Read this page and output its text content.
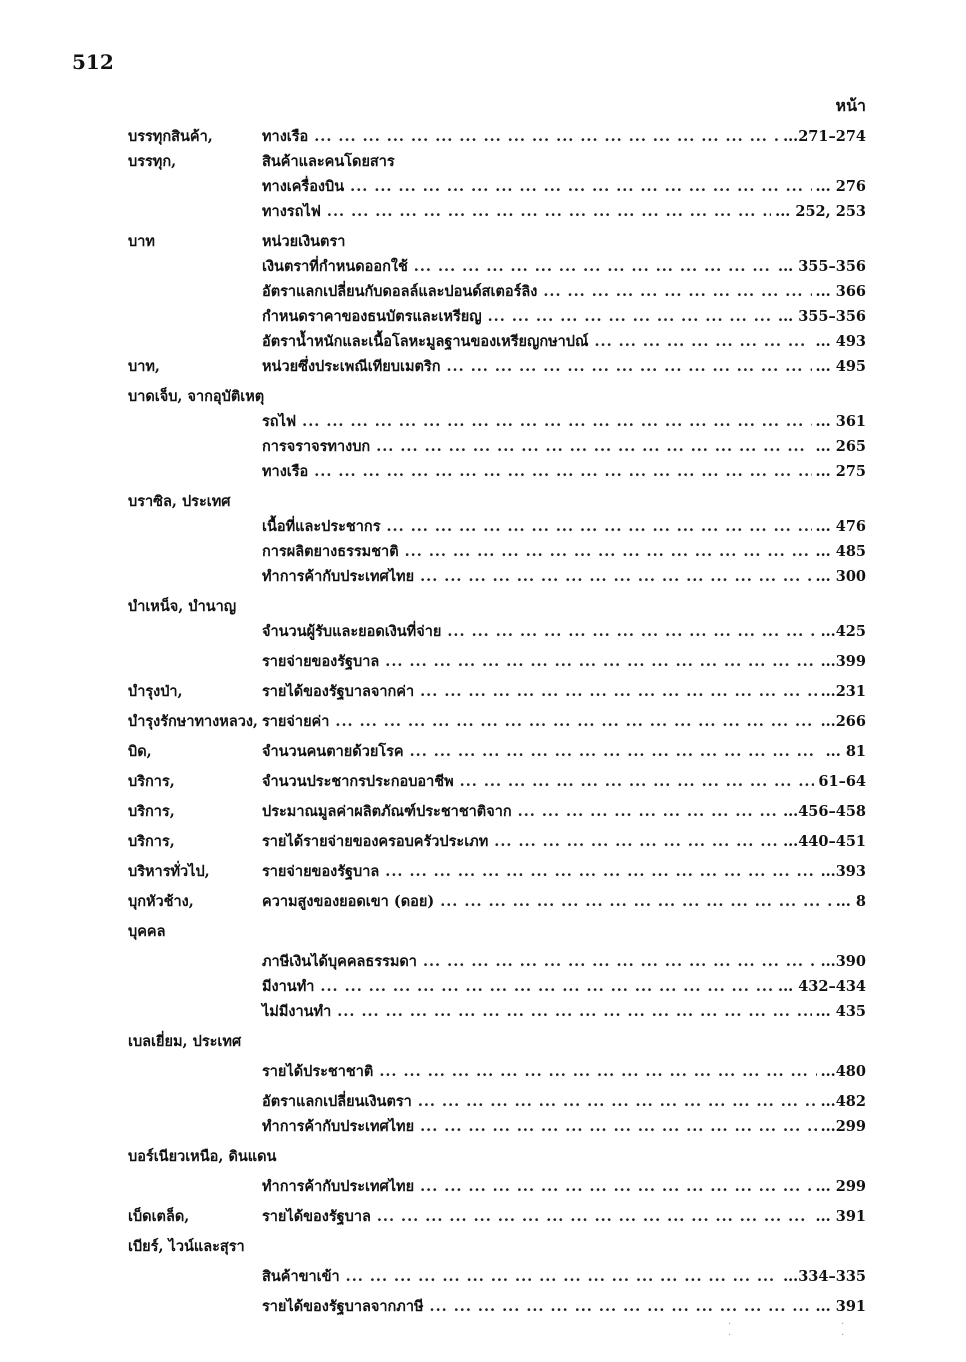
512
หน้า
บรรทุกสินค้า,	ทางเรือ ... .	...271–274
บรรทุก,	สินค้าและคนโดยสาร
ทางเครื่องบิน ... .	... 276
ทางรถไฟ ... .	... 252, 253
บาท	หน่วยเงินตรา
เงินตราที่กำหนดออกใช้ ... .	... 355–356
อัตราแลกเปลี่ยนกับดอลล์และปอนด์สเตอร์ลิง ... .	... 366
กำหนดราคาของธนบัตรและเหรียญ ... .	... 355–356
อัตราน้ำหนักและเนื้อโลหะมูลฐานของเหรียญกษาปณ์ ... .	... 493
บาท,	หน่วยซึ่งประเพณีเทียบเมตริก ... .	... 495
บาดเจ็บ, จากอุบัติเหตุ
รถไฟ ... .	... 361
การจราจรทางบก ... .	... 265
ทางเรือ ... .	... 275
บราซิล, ประเทศ
เนื้อที่และประชากร ... .	... 476
การผลิตยางธรรมชาติ ... .	... 485
ทำการค้ากับประเทศไทย ... .	... 300
บำเหน็จ, บำนาญ
จำนวนผู้รับและยอดเงินที่จ่าย ... .	...425
รายจ่ายของรัฐบาล ... .	...399
บำรุงป่า,	รายได้ของรัฐบาลจากค่า ... .	...231
บำรุงรักษาทางหลวง, รายจ่ายค่า ... .	...266
บิด,	จำนวนคนตายด้วยโรค ... .	... 81
บริการ,	จำนวนประชากรประกอบอาชีพ ... .	61–64
บริการ,	ประมาณมูลค่าผลิตภัณฑ์ประชาชาติจาก ... .	...456–458
บริการ,	รายได้รายจ่ายของครอบครัวประเภท ... .	...440–451
บริหารทั่วไป,	รายจ่ายของรัฐบาล ... .	...393
บุกหัวช้าง,	ความสูงของยอดเขา (ดอย) ... .	... 8
บุคคล
ภาษีเงินได้บุคคลธรรมดา ... .	...390
มีงานทำ ... .	... 432–434
ไม่มีงานทำ ... .	... 435
เบลเยี่ยม, ประเทศ
รายได้ประชาชาติ ... .	...480
อัตราแลกเปลี่ยนเงินตรา ... .	...482
ทำการค้ากับประเทศไทย ... .	...299
บอร์เนียวเหนือ, ดินแดน
ทำการค้ากับประเทศไทย ... .	... 299
เบ็ดเตล็ด,	รายได้ของรัฐบาล ... .	... 391
เบียร์, ไวน์และสุรา
สินค้าขาเข้า ... .	...334–335
รายได้ของรัฐบาลจากภาษี ... .	... 391
.. ..
